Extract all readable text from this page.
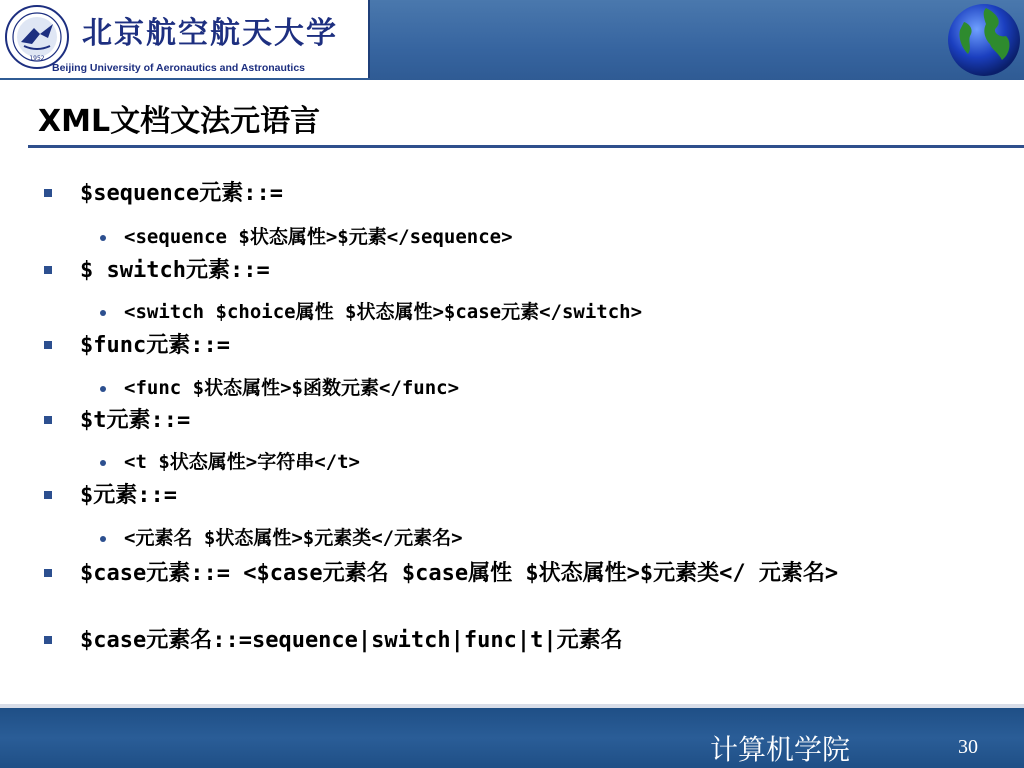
1952
北京航空航天大学
Beijing University of Aeronautics and Astronautics
XML文档文法元语言
$sequence元素::=
<sequence $状态属性>$元素</sequence>
$ switch元素::=
<switch $choice属性 $状态属性>$case元素</switch>
$func元素::=
<func $状态属性>$函数元素</func>
$t元素::=
<t $状态属性>字符串</t>
$元素::=
<元素名 $状态属性>$元素类</元素名>
$case元素::= <$case元素名 $case属性 $状态属性>$元素类</ 元素名>
$case元素名::=sequence|switch|func|t|元素名
计算机学院	30
